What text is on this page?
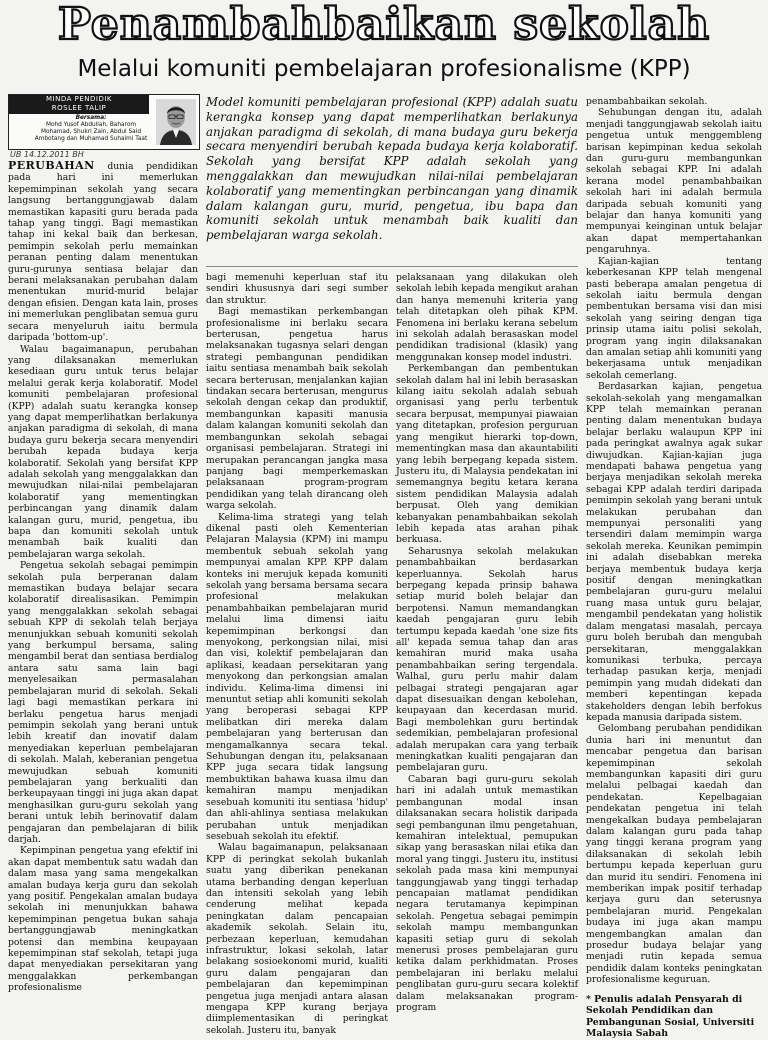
Penambahbaikan sekolah
Melalui komuniti pembelajaran profesionalisme (KPP)
MINDA PENDIDIK
ROSLEE TALIP
Bersama:
Mohd Yusof Abdullah, Baharom Mohamad, Shukri Zain, Abdul Said Ambotang dan Muhamad Suhaimi Taat
UB 14.12.2011 BH
Model komuniti pembelajaran profesional (KPP) adalah suatu kerangka konsep yang dapat memperlihatkan berlakunya anjakan paradigma di sekolah, di mana budaya guru bekerja secara menyendiri berubah kepada budaya kerja kolaboratif. Sekolah yang bersifat KPP adalah sekolah yang menggalakkan dan mewujudkan nilai-nilai pembelajaran kolaboratif yang mementingkan perbincangan yang dinamik dalam kalangan guru, murid, pengetua, ibu bapa dan komuniti sekolah untuk menambah baik kualiti dan pembelajaran warga sekolah.

PERUBAHAN dunia pendidikan pada hari ini memerlukan kepemimpinan sekolah yang secara langsung bertanggungjawab dalam memastikan kapasiti guru berada pada tahap yang tinggi. Bagi memastikan tahap ini kekal baik dan berkesan, pemimpin sekolah perlu memainkan peranan penting dalam menentukan guru-gurunya sentiasa belajar dan berani melaksanakan perubahan dalam menentukan murid-murid belajar dengan efisien. Dengan kata lain, proses ini memerlukan penglibatan semua guru secara menyeluruh iaitu bermula daripada 'bottom-up'.

Walau bagaimanapun, perubahan yang dilaksanakan memerlukan kesediaan guru untuk terus belajar melalui gerak kerja kolaboratif. Model komuniti pembelajaran profesional (KPP) adalah suatu kerangka konsep yang dapat memperlihatkan berlakunya anjakan paradigma di sekolah, di mana budaya guru bekerja secara menyendiri berubah kepada budaya kerja kolaboratif. Sekolah yang bersifat KPP adalah sekolah yang menggalakkan dan mewujudkan nilai-nilai pembelajaran kolaboratif yang mementingkan perbincangan yang dinamik dalam kalangan guru, murid, pengetua, ibu bapa dan komuniti sekolah untuk menambah baik kualiti dan pembelajaran warga sekolah.

Pengetua sekolah sebagai pemimpin sekolah pula berperanan dalam memastikan budaya belajar secara kolaboratif direalisasikan. Pemimpin yang menggalakkan sekolah sebagai sebuah KPP di sekolah telah berjaya menunjukkan sebuah komuniti sekolah yang berkumpul bersama, saling mengambil berat dan sentiasa berdialog antara satu sama lain bagi menyelesaikan permasalahan pembelajaran murid di sekolah. Sekali lagi bagi memastikan perkara ini berlaku pengetua harus menjadi pemimpin sekolah yang berani untuk lebih kreatif dan inovatif dalam menyediakan keperluan pembelajaran di sekolah. Malah, keberanian pengetua mewujudkan sebuah komuniti pembelajaran yang berkualiti dan berkeupayaan tinggi ini juga akan dapat menghasilkan guru-guru sekolah yang berani untuk lebih berinovatif dalam pengajaran dan pembelajaran di bilik darjah.

Kepimpinan pengetua yang efektif ini akan dapat membentuk satu wadah dan dalam masa yang sama mengekalkan amalan budaya kerja guru dan sekolah yang positif. Pengekalan amalan budaya sekolah ini menunjukkan bahawa kepemimpinan pengetua bukan sahaja bertanggungjawab meningkatkan potensi dan membina keupayaan kepemimpinan staf sekolah, tetapi juga dapat menyediakan persekitaran yang menggalakkan perkembangan profesionalisme

bagi memenuhi keperluan staf itu sendiri khususnya dari segi sumber dan struktur.

Bagi memastikan perkembangan profesionalisme ini berlaku secara berterusan, pengetua harus melaksanakan tugasnya selari dengan strategi pembangunan pendidikan iaitu sentiasa menambah baik sekolah secara berterusan, menjalankan kajian tindakan secara berterusan, mengurus sekolah dengan cekap dan produktif, membangunkan kapasiti manusia dalam kalangan komuniti sekolah dan membangunkan sekolah sebagai organisasi pembelajaran. Strategi ini merupakan perancangan jangka masa panjang bagi memperkemaskan pelaksanaan program-program pendidikan yang telah dirancang oleh warga sekolah.

Kelima-lima strategi yang telah dikenal pasti oleh Kementerian Pelajaran Malaysia (KPM) ini mampu membentuk sebuah sekolah yang mempunyai amalan KPP. KPP dalam konteks ini merujuk kepada komuniti sekolah yang bersama bersama secara profesional melakukan penambahbaikan pembelajaran murid melalui lima dimensi iaitu kepemimpinan berkongsi dan menyokong, perkongsian nilai, misi dan visi, kolektif pembelajaran dan aplikasi, keadaan persekitaran yang menyokong dan perkongsian amalan individu. Kelima-lima dimensi ini menuntut setiap ahli komuniti sekolah yang beroperasi sebagai KPP melibatkan diri mereka dalam pembelajaran yang berterusan dan mengamalkannya secara tekal. Sehubungan dengan itu, pelaksanaan KPP juga secara tidak langsung membuktikan bahawa kuasa ilmu dan kemahiran mampu menjadikan sesebuah komuniti itu sentiasa 'hidup' dan ahli-ahlinya sentiasa melakukan perubahan untuk menjadikan sesebuah sekolah itu efektif.

Walau bagaimanapun, pelaksanaan KPP di peringkat sekolah bukanlah suatu yang diberikan penekanan utama berbanding dengan keperluan dan intensiti sekolah yang lebih cenderung melihat kepada peningkatan dalam pencapaian akademik sekolah. Selain itu, perbezaan keperluan, kemudahan infrastruktur, lokasi sekolah, latar belakang sosioekonomi murid, kualiti guru dalam pengajaran dan pembelajaran dan kepemimpinan pengetua juga menjadi antara alasan mengapa KPP kurang berjaya diimplementasikan di peringkat sekolah. Justeru itu, banyak

pelaksanaan yang dilakukan oleh sekolah lebih kepada mengikut arahan dan hanya memenuhi kriteria yang telah ditetapkan oleh pihak KPM. Fenomena ini berlaku kerana sebelum ini sekolah adalah berasaskan model pendidikan tradisional (klasik) yang menggunakan konsep model industri.

Perkembangan dan pembentukan sekolah dalam hal ini lebih berasaskan kilang iaitu sekolah adalah sebuah organisasi yang perlu terbentuk secara berpusat, mempunyai piawaian yang ditetapkan, profesion perguruan yang mengikut hierarki top-down, mementingkan masa dan akauntabiliti yang lebih berpegang kepada sistem. Justeru itu, di Malaysia pendekatan ini sememangnya begitu ketara kerana sistem pendidikan Malaysia adalah berpusat. Oleh yang demikian kebanyakan penambahbaikan sekolah lebih kepada atas arahan pihak berkuasa.

Seharusnya sekolah melakukan penambahbaikan berdasarkan keperluannya. Sekolah harus berpegang kepada prinsip bahawa setiap murid boleh belajar dan berpotensi. Namun memandangkan kaedah pengajaran guru lebih tertumpu kepada kaedah 'one size fits all' kepada semua tahap dan aras kemahiran murid maka usaha penambahbaikan sering tergendala. Walhal, guru perlu mahir dalam pelbagai strategi pengajaran agar dapat disesuaikan dengan kebolehan, keupayaan dan kecerdasan murid. Bagi membolehkan guru bertindak sedemikian, pembelajaran profesional adalah merupakan cara yang terbaik meningkatkan kualiti pengajaran dan pembelajaran guru.

Cabaran bagi guru-guru sekolah hari ini adalah untuk memastikan pembangunan modal insan dilaksanakan secara holistik daripada segi pembangunan ilmu pengetahuan, kemahiran intelektual, pemupukan sikap yang berasaskan nilai etika dan moral yang tinggi. Justeru itu, institusi sekolah pada masa kini mempunyai tanggungjawab yang tinggi terhadap pencapaian matlamat pendidikan negara terutamanya kepimpinan sekolah. Pengetua sebagai pemimpin sekolah mampu membangunkan kapasiti setiap guru di sekolah menerusi proses pembelajaran guru ketika dalam perkhidmatan. Proses pembelajaran ini berlaku melalui penglibatan guru-guru secara kolektif dalam melaksanakan program-program

penambahbaikan sekolah.

Sehubungan dengan itu, adalah menjadi tanggungjawab sekolah iaitu pengetua untuk menggembleng barisan kepimpinan kedua sekolah dan guru-guru membangunkan sekolah sebagai KPP. Ini adalah kerana model penambahbaikan sekolah hari ini adalah bermula daripada sebuah komuniti yang belajar dan hanya komuniti yang mempunyai keinginan untuk belajar akan dapat mempertahankan pengaruhnya.

Kajian-kajian tentang keberkesanan KPP telah mengenal pasti beberapa amalan pengetua di sekolah iaitu bermula dengan pembentukan bersama visi dan misi sekolah yang seiring dengan tiga prinsip utama iaitu polisi sekolah, program yang ingin dilaksanakan dan amalan setiap ahli komuniti yang bekerjasama untuk menjadikan sekolah cemerlang.

Berdasarkan kajian, pengetua sekolah-sekolah yang mengamalkan KPP telah memainkan peranan penting dalam menentukan budaya belajar berlaku walaupun KPP ini pada peringkat awalnya agak sukar diwujudkan. Kajian-kajian juga mendapati bahawa pengetua yang berjaya menjadikan sekolah mereka sebagai KPP adalah terdiri daripada pemimpin sekolah yang berani untuk melakukan perubahan dan mempunyai personaliti yang tersendiri dalam memimpin warga sekolah mereka. Keunikan pemimpin ini adalah disebabkan mereka berjaya membentuk budaya kerja positif dengan meningkatkan pembelajaran guru-guru melalui ruang masa untuk guru belajar, mengambil pendekatan yang holistik dalam mengatasi masalah, percaya guru boleh berubah dan mengubah persekitaran, menggalakkan komunikasi terbuka, percaya terhadap pasukan kerja, menjadi pemimpin yang mudah didekati dan memberi kepentingan kepada stakeholders dengan lebih berfokus kepada manusia daripada sistem.

Gelombang perubahan pendidikan dunia hari ini menuntut dan mencabar pengetua dan barisan kepemimpinan sekolah membangunkan kapasiti diri guru melalui pelbagai kaedah dan pendekatan. Kepelbagaian pendekatan pengetua ini telah mengekalkan budaya pembelajaran dalam kalangan guru pada tahap yang tinggi kerana program yang dilaksanakan di sekolah lebih bertumpu kepada keperluan guru dan murid itu sendiri. Fenomena ini memberikan impak positif terhadap kerjaya guru dan seterusnya pembelajaran murid. Pengekalan budaya ini juga akan mampu mengembangkan amalan dan prosedur budaya belajar yang menjadi rutin kepada semua pendidik dalam konteks peningkatan profesionalisme keguruan.

* Penulis adalah Pensyarah di Sekolah Pendidikan dan Pembangunan Sosial, Universiti Malaysia Sabah
